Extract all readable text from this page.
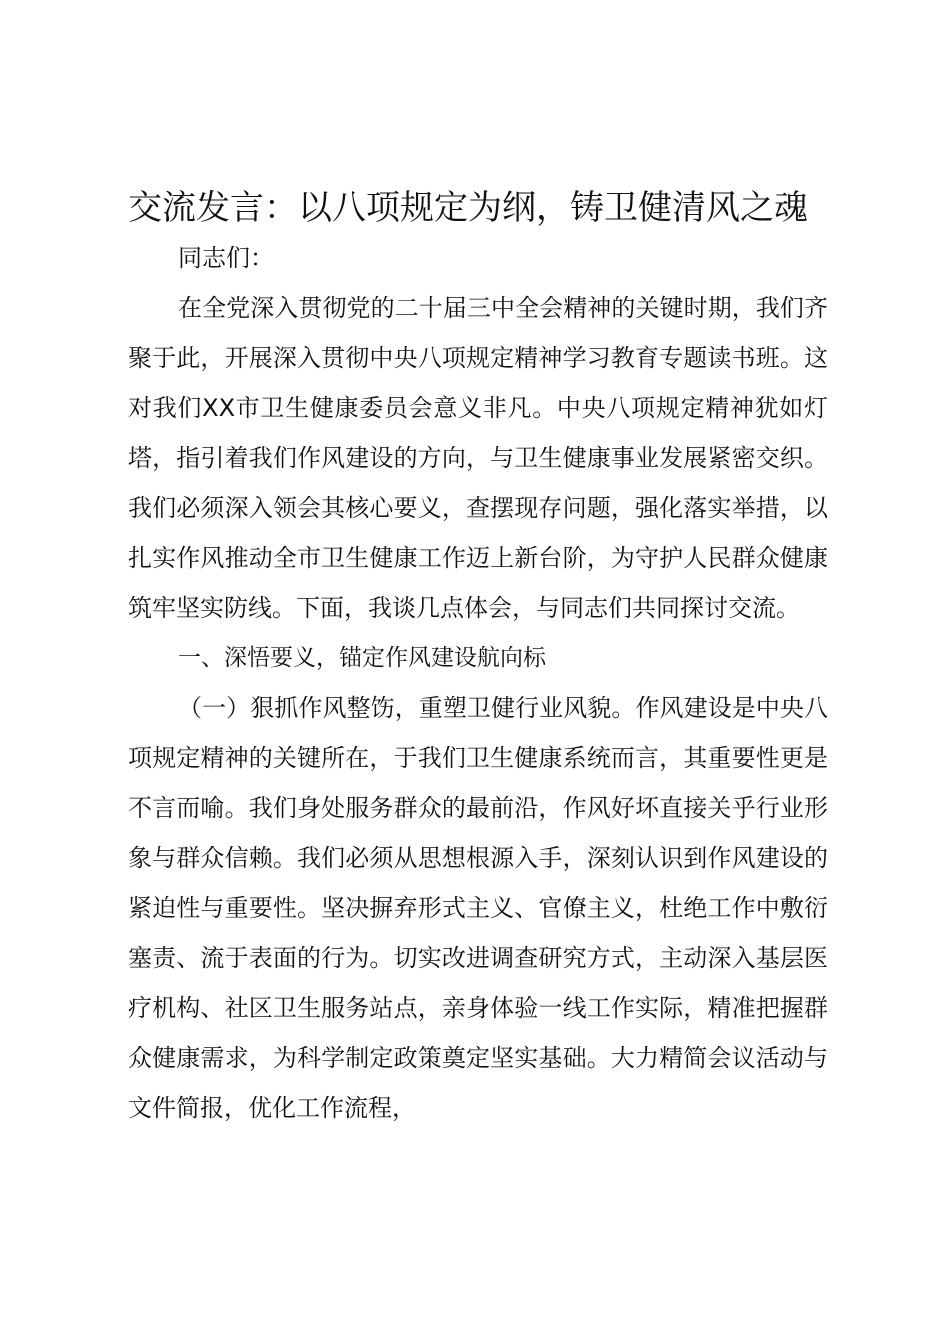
交流发言：以八项规定为纲，铸卫健清风之魂

同志们：

在全党深入贯彻党的二十届三中全会精神的关键时期，我们齐聚于此，开展深入贯彻中央八项规定精神学习教育专题读书班。这对我们XX市卫生健康委员会意义非凡。中央八项规定精神犹如灯塔，指引着我们作风建设的方向，与卫生健康事业发展紧密交织。我们必须深入领会其核心要义，查摆现存问题，强化落实举措，以扎实作风推动全市卫生健康工作迈上新台阶，为守护人民群众健康筑牢坚实防线。下面，我谈几点体会，与同志们共同探讨交流。

一、深悟要义，锚定作风建设航向标

（一）狠抓作风整饬，重塑卫健行业风貌。作风建设是中央八项规定精神的关键所在，于我们卫生健康系统而言，其重要性更是不言而喻。我们身处服务群众的最前沿，作风好坏直接关乎行业形象与群众信赖。我们必须从思想根源入手，深刻认识到作风建设的紧迫性与重要性。坚决摒弃形式主义、官僚主义，杜绝工作中敷衍塞责、流于表面的行为。切实改进调查研究方式，主动深入基层医疗机构、社区卫生服务站点，亲身体验一线工作实际，精准把握群众健康需求，为科学制定政策奠定坚实基础。大力精简会议活动与文件简报，优化工作流程，
